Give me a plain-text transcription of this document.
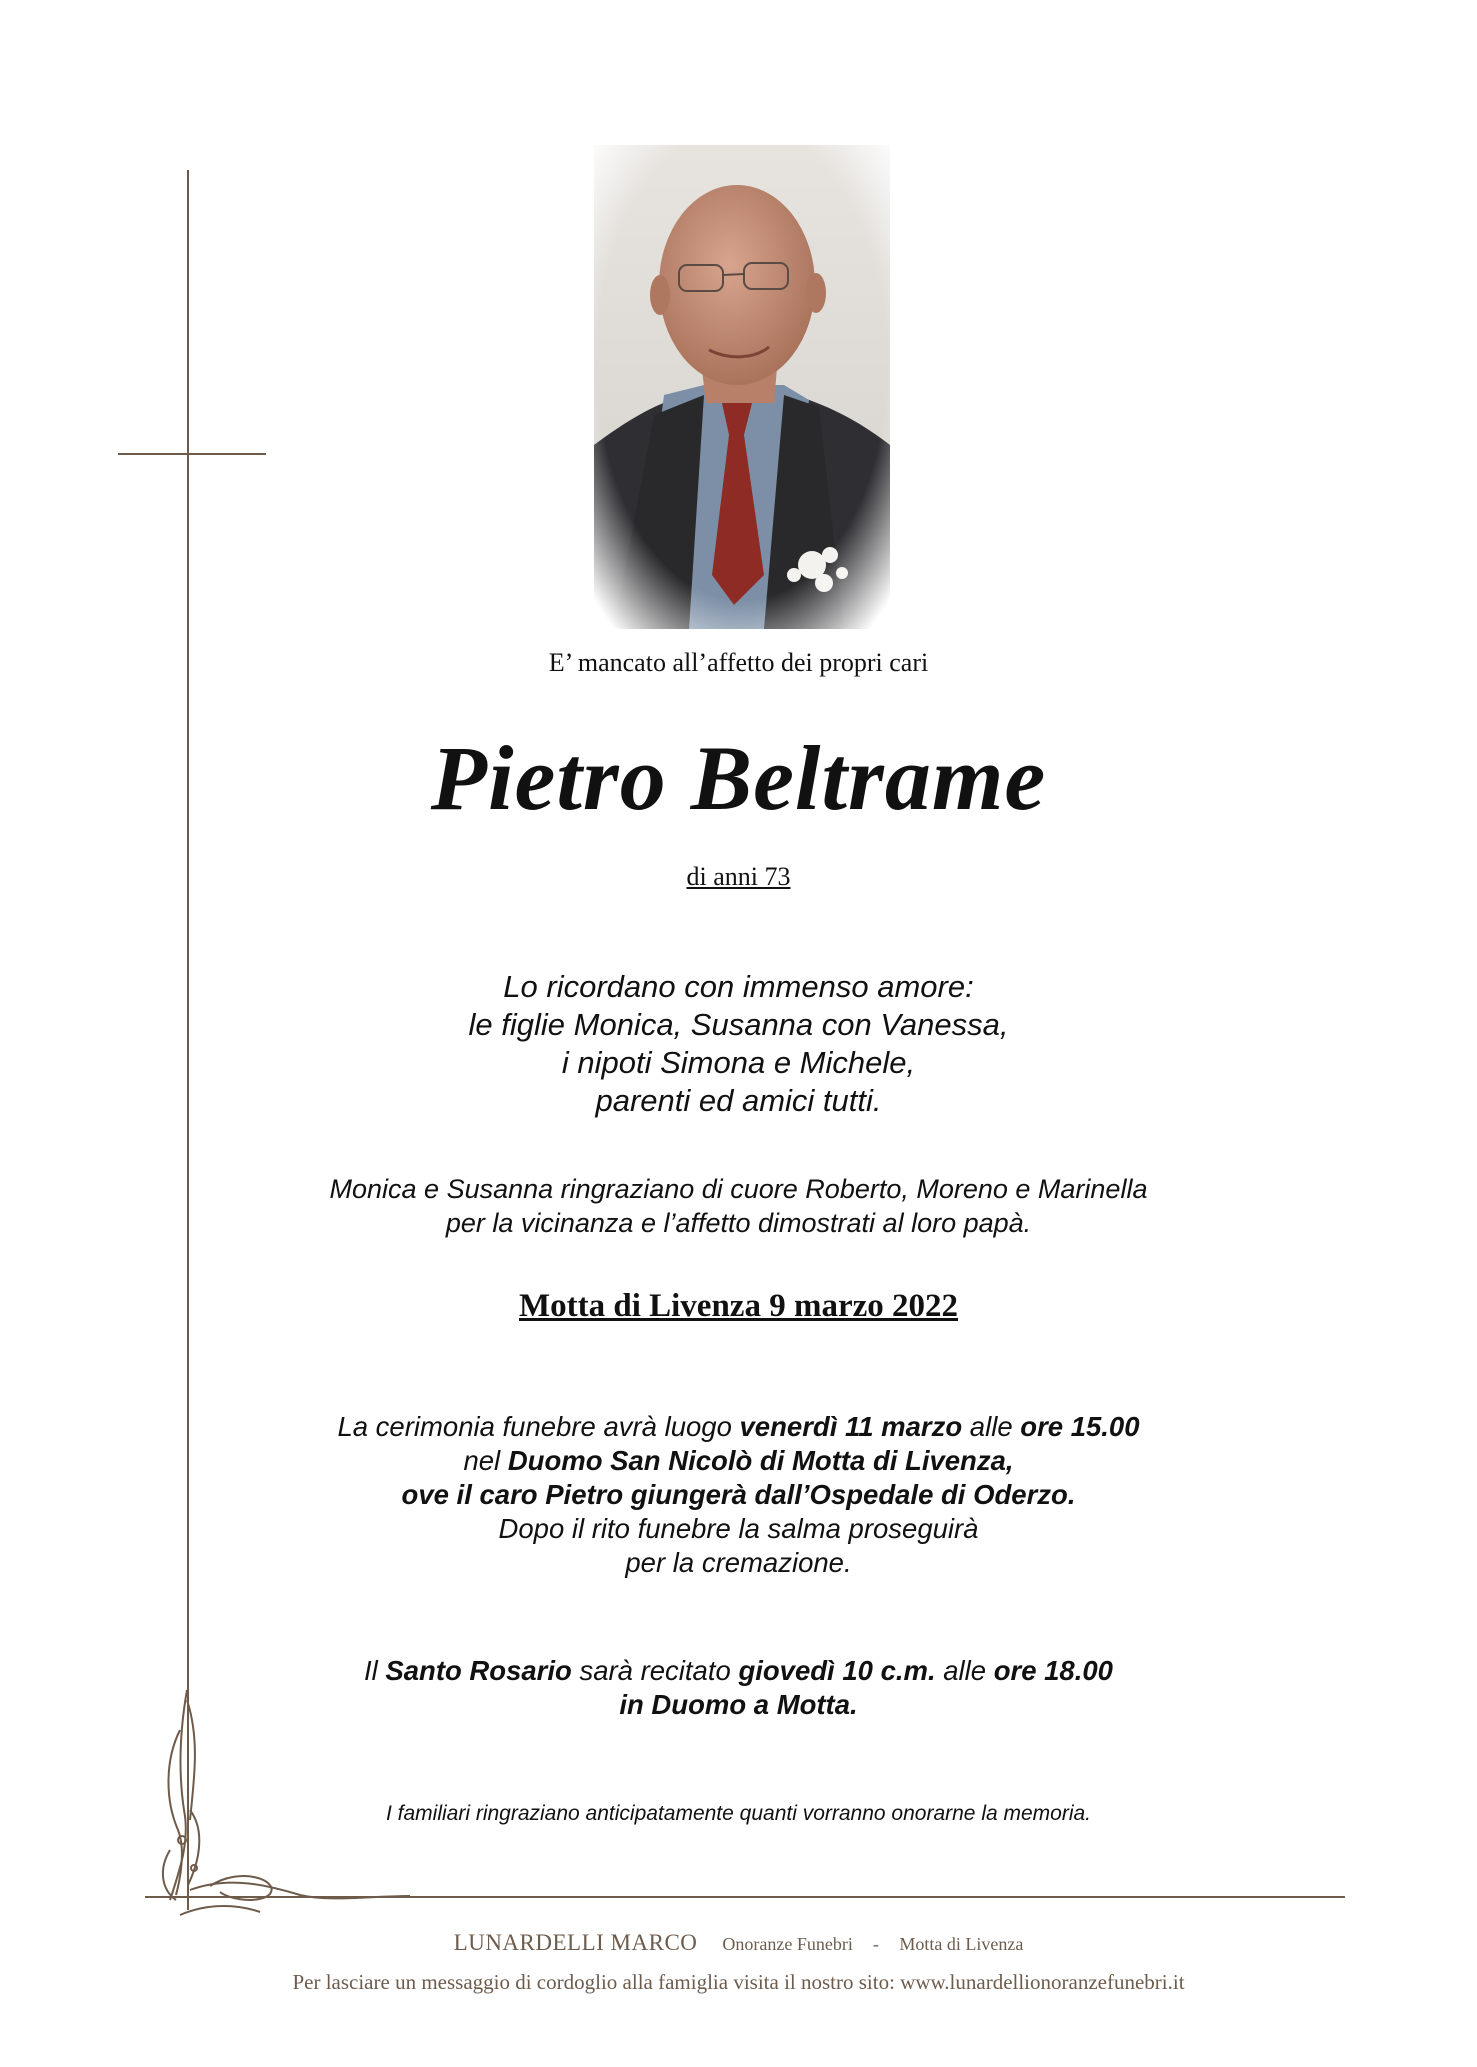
E’ mancato all’affetto dei propri cari
Pietro Beltrame
di anni 73
Lo ricordano con immenso amore:
le figlie Monica, Susanna con Vanessa,
i nipoti Simona e Michele,
parenti ed amici tutti.
Monica e Susanna ringraziano di cuore Roberto, Moreno e Marinella
per la vicinanza e l’affetto dimostrati al loro papà.
Motta di Livenza 9 marzo 2022
La cerimonia funebre avrà luogo venerdì 11 marzo alle ore 15.00
nel Duomo San Nicolò di Motta di Livenza,
ove il caro Pietro giungerà dall’Ospedale di Oderzo.
Dopo il rito funebre la salma proseguirà
per la cremazione.
Il Santo Rosario sarà recitato giovedì 10 c.m. alle ore 18.00
in Duomo a Motta.
I familiari ringraziano anticipatamente quanti vorranno onorarne la memoria.
LUNARDELLI MARCO Onoranze Funebri - Motta di Livenza
Per lasciare un messaggio di cordoglio alla famiglia visita il nostro sito: www.lunardellionoranzefunebri.it
